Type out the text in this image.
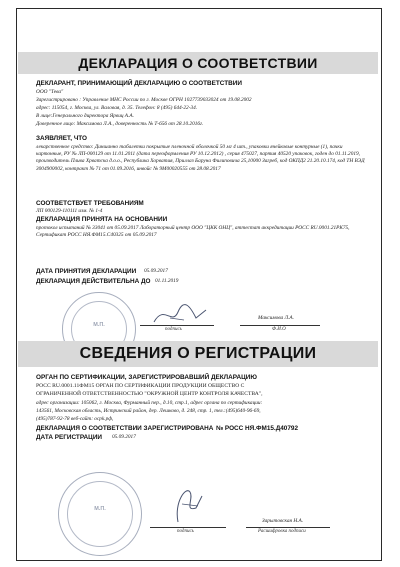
ДЕКЛАРАЦИЯ О СООТВЕТСТВИИ
ДЕКЛАРАНТ, ПРИНИМАЮЩИЙ ДЕКЛАРАЦИЮ О СООТВЕТСТВИИ
ООО "Тева"
Зарегистрировано : Управление МНС России по г. Москве ОГРН 1027739033024 от 19.08.2002
адрес: 115054, г. Москва, ул. Валовая, д. 35. Телефон: 8 (495) 644-22-34.
В лице:Генерального директора Ярвиц А.А.
Доверенное лицо: Максимова Л.А., доверенность № Т-656 от 28.10.2016г.
ЗАЯВЛЯЕТ, ЧТО
лекарственное средство: Диншанно табалетки покрытые пленочной оболочкой 50 мг 4 шт., упаковки ячейковые контурные (1), пачки картонные, РУ № ЛП-000129 от 11.01.2011 (дата переоформления РУ 10.12.2012) , серия 475027, партия 40520 упаковок, годен до 01.11.2019, производитель Плива Хрватска д.о.о., Республика Хорватия, Приллаз Баруна Филиповича 25,10000 Загреб, код ОКПД2 21.20.10.174, код ТН ВЭД 3004900002, контракт № 71 от 01.09.2016, инвойс № 9M00020555 от 28.08.2017
СООТВЕТСТВУЕТ ТРЕБОВАНИЯМ
ЛП 000129-110111 изм. № 1-4
ДЕКЛАРАЦИЯ ПРИНЯТА НА ОСНОВАНИИ
протокол испытаний № 33041 от 05.09.2017 Лабораторный центр ООО "ЦКК ОНЦ", аттестат аккредитации РОСС RU.0001.21PK75, Сертификат РОСС НЯ.ФМ15.С40325 от 05.09.2017
ДАТА ПРИНЯТИЯ ДЕКЛАРАЦИИ 05.09.2017
ДЕКЛАРАЦИЯ ДЕЙСТВИТЕЛЬНА ДО 01.11.2019
М.П.
подпись
Максимова Л.А.
Ф.И.О
СВЕДЕНИЯ О РЕГИСТРАЦИИ
ОРГАН ПО СЕРТИФИКАЦИИ, ЗАРЕГИСТРИРОВАВШИЙ ДЕКЛАРАЦИЮ
РОСС RU.0001.11ФМ15 ОРГАН ПО СЕРТИФИКАЦИИ ПРОДУКЦИИ ОБЩЕСТВО С
ОГРАНИЧЕННОЙ ОТВЕТСТВЕННОСТЬЮ "ОКРУЖНОЙ ЦЕНТР КОНТРОЛЯ КАЧЕСТВА",
адрес организации: 105062, г. Москва, Фурманный пер., д.10, стр.1, адрес органа по сертификации:
143561, Московская область, Истринский район, дер. Лешково, д. 248, стр. 1, тел.:(495)640-96-69,
(495)787-92-78 веб-сайт: ocpk.pф,
ДЕКЛАРАЦИЯ О СООТВЕТСТВИИ ЗАРЕГИСТРИРОВАНА № РОСС НЯ.ФМ15.Д40792
ДАТА РЕГИСТРАЦИИ 05.09.2017
М.П.
подпись
Зарытовская Н.А.
Расшифровка подписи
